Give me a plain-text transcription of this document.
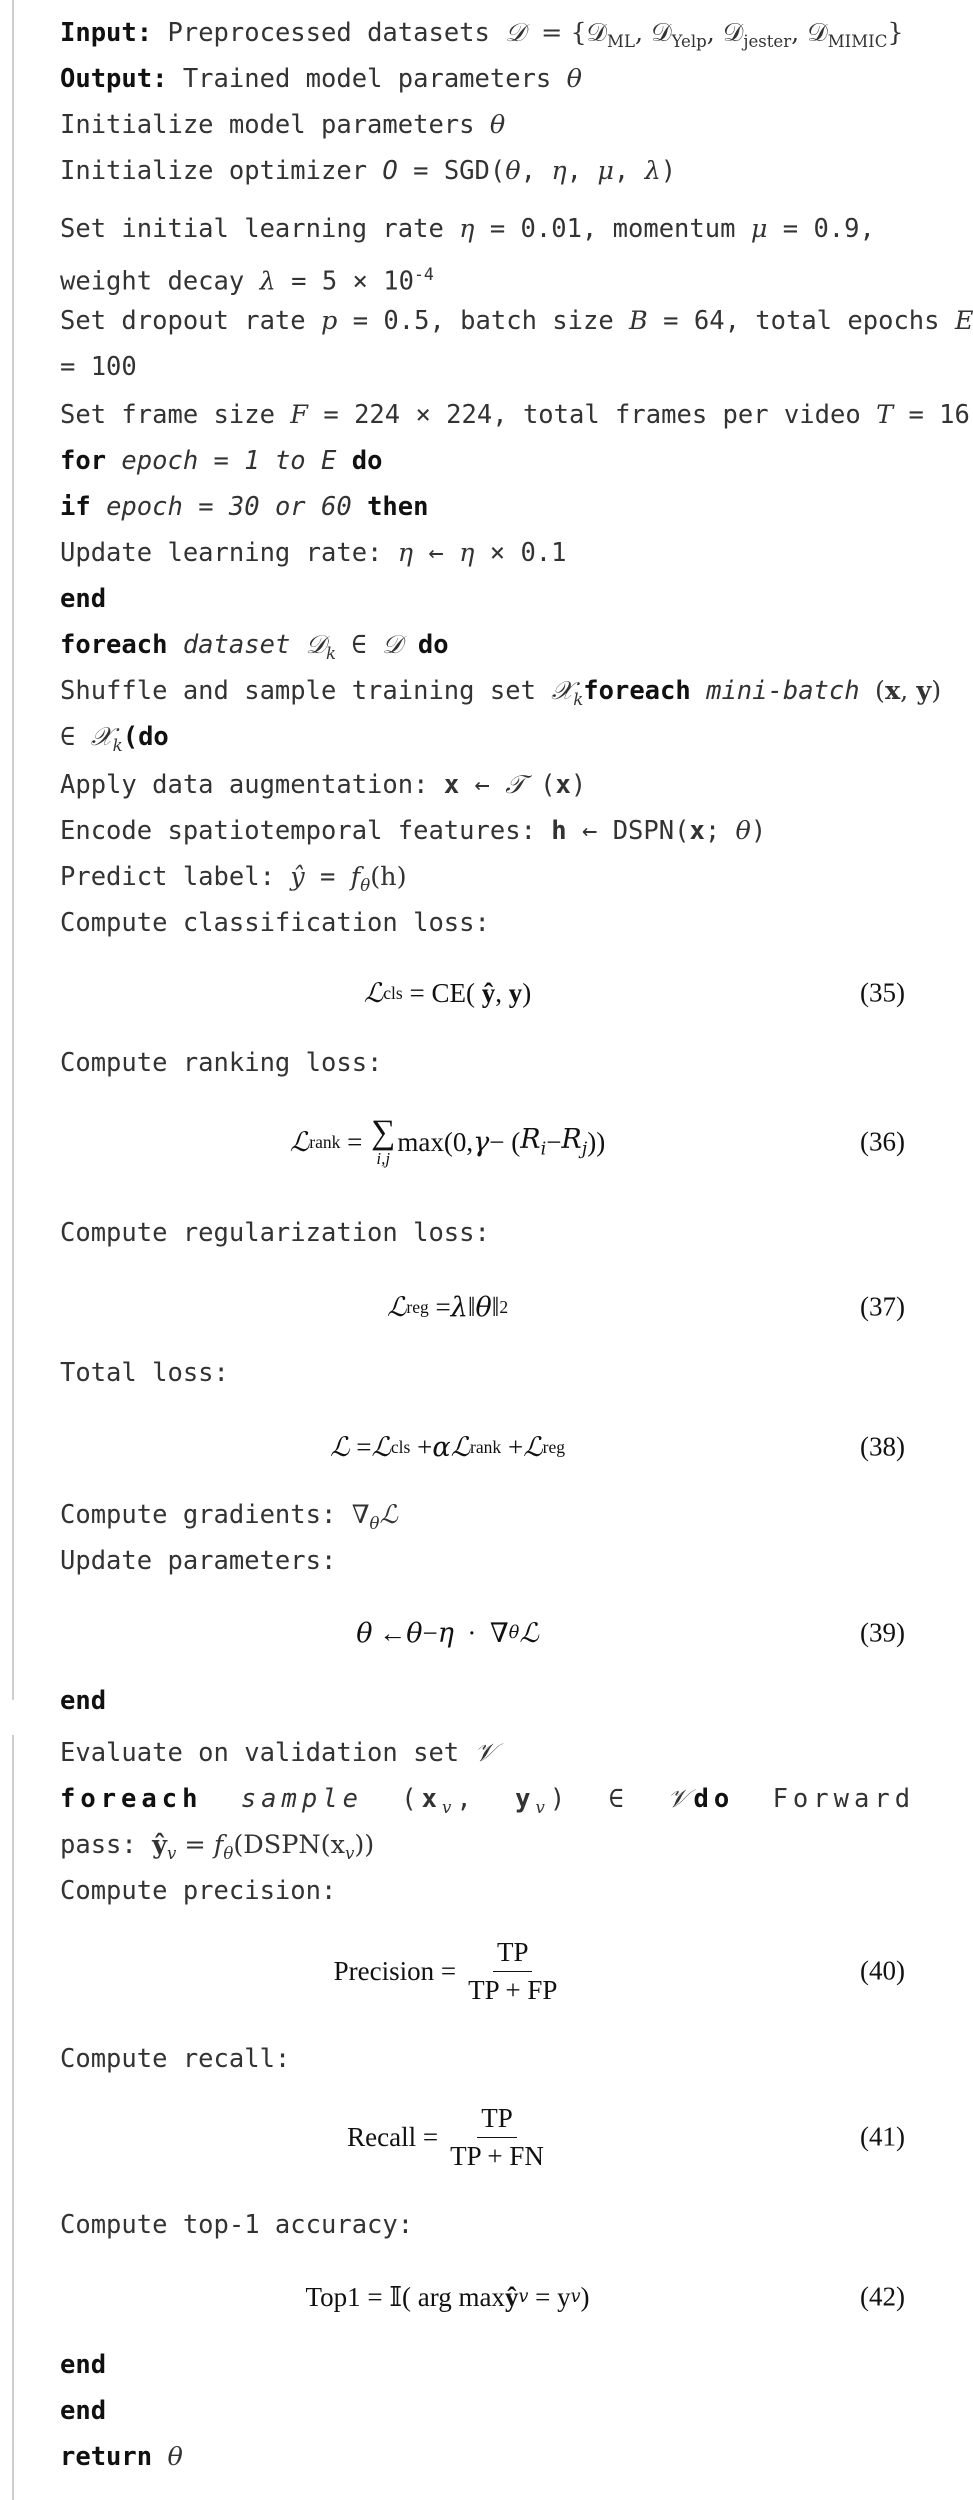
Input: Preprocessed datasets 𝒟 = {𝒟$_{ML}$, 𝒟$_{Yelp}$, 𝒟$_{jester}$, 𝒟$_{MIMIC}$}
Output: Trained model parameters θ
Initialize model parameters θ
Initialize optimizer O = SGD(θ, η, μ, λ)
Set initial learning rate η = 0.01, momentum μ = 0.9,
weight decay $\lambda = 5 \times 10^{-4}$
Set dropout rate p = 0.5, batch size B = 64, total epochs E
= 100
Set frame size F = 224 × 224, total frames per video T = 16
for epoch = 1 to E do
if epoch = 30 or 60 then
Update learning rate: η ← η × 0.1
end
foreach dataset 𝒟$_k$ ∈ 𝒟 do
Shuffle and sample training set 𝒳$_k$foreach mini-batch (x, y)
∈ 𝒳$_k$(do
Apply data augmentation: x ← 𝒯 (x)
Encode spatiotemporal features: h ← DSPN(x; θ)
Predict label: ŷ = $f_\theta(h)$
Compute classification loss:
ℒ cls = CE( ŷ , y )	(35)
Compute ranking loss:
ℒ rank = ∑
i,j
max(0, γ − ( $R_i - R_j$ ))	(36)
Compute regularization loss:
ℒ reg = λ ‖ θ ‖ 2	(37)
Total loss:
ℒ = ℒ cls + α ℒ rank + ℒ reg	(38)
Compute gradients: $\nabla_\theta ℒ$
Update parameters:
θ ← θ − η ·  ∇ θ ℒ	(39)
end
Evaluate on validation set 𝒱
foreach sample ($x_v$, $y_v$) ∈ 𝒱do Forward
pass: $ŷ_v$ = $f_\theta(DSPN(x_v))$
Compute precision:
Precision = $\frac{TP}{TP + FP}$	(40)
Compute recall:
Recall = $\frac{TP}{TP + FN}$	(41)
Compute top-1 accuracy:
Top1 = 𝕀( arg max ŷ v = y v )	(42)
end
end
return θ
